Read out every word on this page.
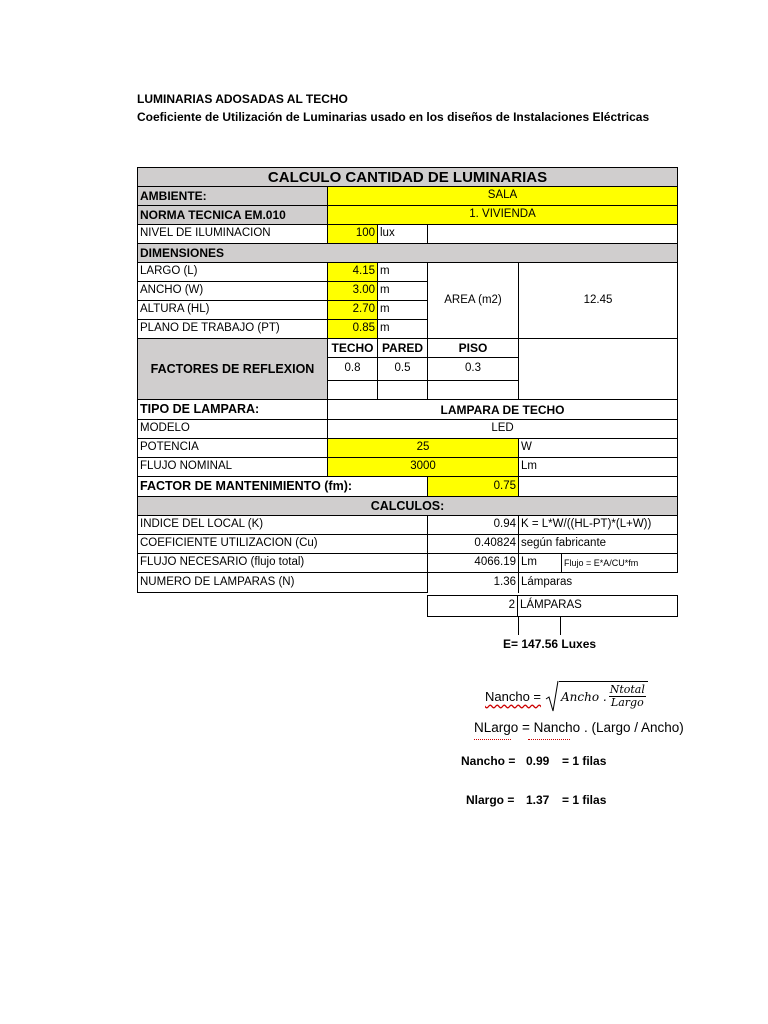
LUMINARIAS ADOSADAS AL TECHO
Coeficiente de Utilización de Luminarias usado en los diseños de Instalaciones Eléctricas
CALCULO CANTIDAD DE LUMINARIAS
AMBIENTE:	SALA
NORMA TECNICA EM.010	1. VIVIENDA
NIVEL DE ILUMINACION	100 lux
DIMENSIONES
LARGO (L)	4.15 m
ANCHO (W)	3.00 m
ALTURA (HL)	2.70 m
PLANO DE TRABAJO (PT)	0.85 m
AREA (m2)	12.45
FACTORES DE REFLEXION
TECHO PARED	PISO
0.8	0.5	0.3
TIPO DE LAMPARA:	LAMPARA DE TECHO
MODELO	LED
POTENCIA	25	W
FLUJO NOMINAL	3000	Lm
FACTOR DE MANTENIMIENTO (fm):	0.75
CALCULOS:
INDICE DEL LOCAL (K)	0.94 K = L*W/((HL-PT)*(L+W))
COEFICIENTE UTILIZACION (Cu)	0.40824 según fabricante
FLUJO NECESARIO (flujo total)	4066.19 Lm	Flujo = E*A/CU*fm
NUMERO DE LAMPARAS (N)	1.36 Lámparas
2 LÁMPARAS
E= 147.56 Luxes
Nancho = Ancho . $\frac{\text{Ntotal}}{\text{Largo}}$
NLargo = Nancho . (Largo / Ancho)
Nancho = 0.99 = 1 filas
Nlargo = 1.37 = 1 filas
